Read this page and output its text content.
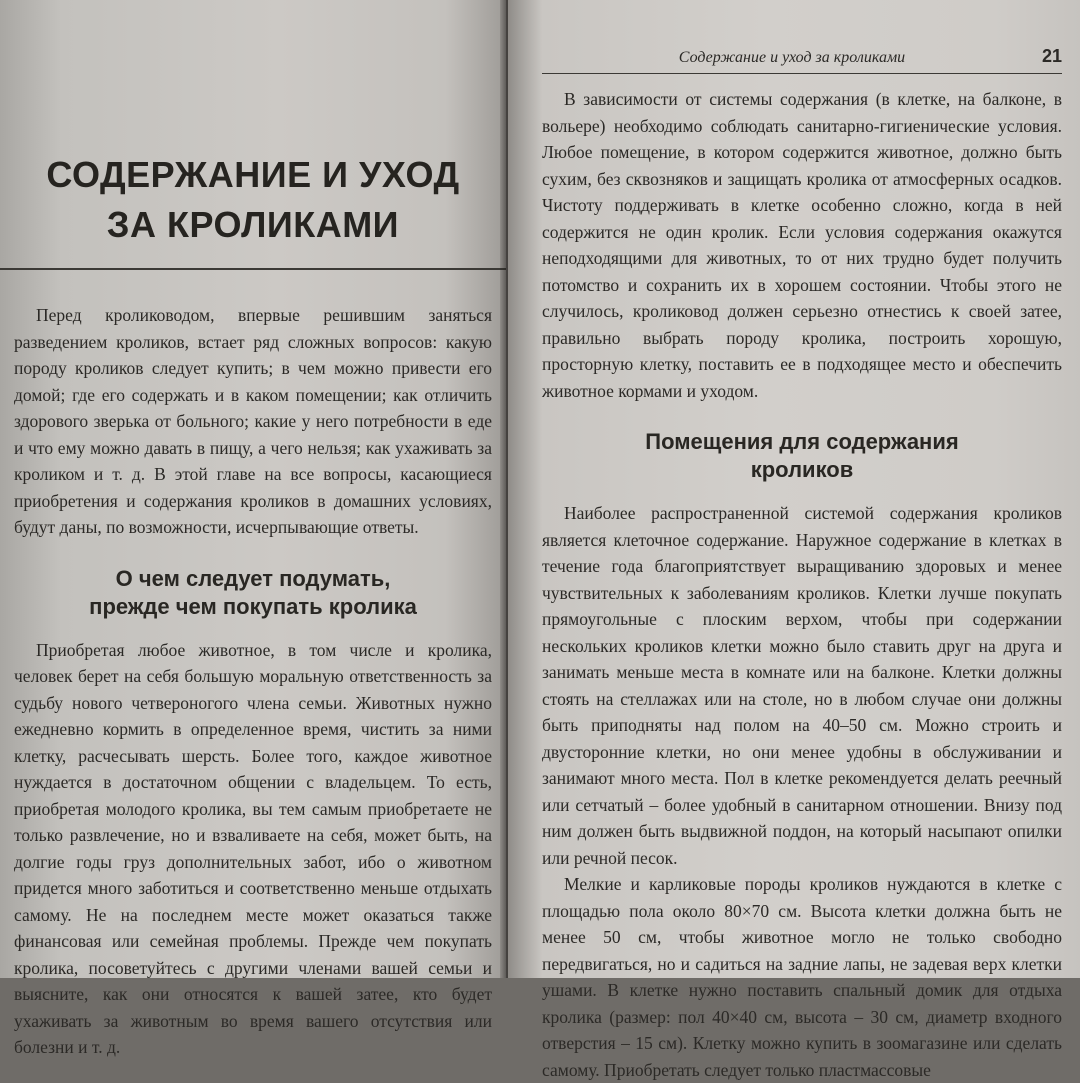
СОДЕРЖАНИЕ И УХОД
ЗА КРОЛИКАМИ

Перед кролиководом, впервые решившим заняться разведением кроликов, встает ряд сложных вопросов: какую породу кроликов следует купить; в чем можно привести его домой; где его содержать и в каком помещении; как отличить здорового зверька от больного; какие у него потребности в еде и что ему можно давать в пищу, а чего нельзя; как ухаживать за кроликом и т. д. В этой главе на все вопросы, касающиеся приобретения и содержания кроликов в домашних условиях, будут даны, по возможности, исчерпывающие ответы.

О чем следует подумать,
прежде чем покупать кролика

Приобретая любое животное, в том числе и кролика, человек берет на себя большую моральную ответственность за судьбу нового четвероногого члена семьи. Животных нужно ежедневно кормить в определенное время, чистить за ними клетку, расчесывать шерсть. Более того, каждое животное нуждается в достаточном общении с владельцем. То есть, приобретая молодого кролика, вы тем самым приобретаете не только развлечение, но и взваливаете на себя, может быть, на долгие годы груз дополнительных забот, ибо о животном придется много заботиться и соответственно меньше отдыхать самому. Не на последнем месте может оказаться также финансовая или семейная проблемы. Прежде чем покупать кролика, посоветуйтесь с другими членами вашей семьи и выясните, как они относятся к вашей затее, кто будет ухаживать за животным во время вашего отсутствия или болезни и т. д.

Содержание и уход за кроликами	21

В зависимости от системы содержания (в клетке, на балконе, в вольере) необходимо соблюдать санитарно-гигиенические условия. Любое помещение, в котором содержится животное, должно быть сухим, без сквозняков и защищать кролика от атмосферных осадков. Чистоту поддерживать в клетке особенно сложно, когда в ней содержится не один кролик. Если условия содержания окажутся неподходящими для животных, то от них трудно будет получить потомство и сохранить их в хорошем состоянии. Чтобы этого не случилось, кроликовод должен серьезно отнестись к своей затее, правильно выбрать породу кролика, построить хорошую, просторную клетку, поставить ее в подходящее место и обеспечить животное кормами и уходом.

Помещения для содержания
кроликов

Наиболее распространенной системой содержания кроликов является клеточное содержание. Наружное содержание в клетках в течение года благоприятствует выращиванию здоровых и менее чувствительных к заболеваниям кроликов. Клетки лучше покупать прямоугольные с плоским верхом, чтобы при содержании нескольких кроликов клетки можно было ставить друг на друга и занимать меньше места в комнате или на балконе. Клетки должны стоять на стеллажах или на столе, но в любом случае они должны быть приподняты над полом на 40–50 см. Можно строить и двусторонние клетки, но они менее удобны в обслуживании и занимают много места. Пол в клетке рекомендуется делать реечный или сетчатый – более удобный в санитарном отношении. Внизу под ним должен быть выдвижной поддон, на который насыпают опилки или речной песок.

Мелкие и карликовые породы кроликов нуждаются в клетке с площадью пола около 80×70 см. Высота клетки должна быть не менее 50 см, чтобы животное могло не только свободно передвигаться, но и садиться на задние лапы, не задевая верх клетки ушами. В клетке нужно поставить спальный домик для отдыха кролика (размер: пол 40×40 см, высота – 30 см, диаметр входного отверстия – 15 см). Клетку можно купить в зоомагазине или сделать самому. Приобретать следует только пластмассовые
